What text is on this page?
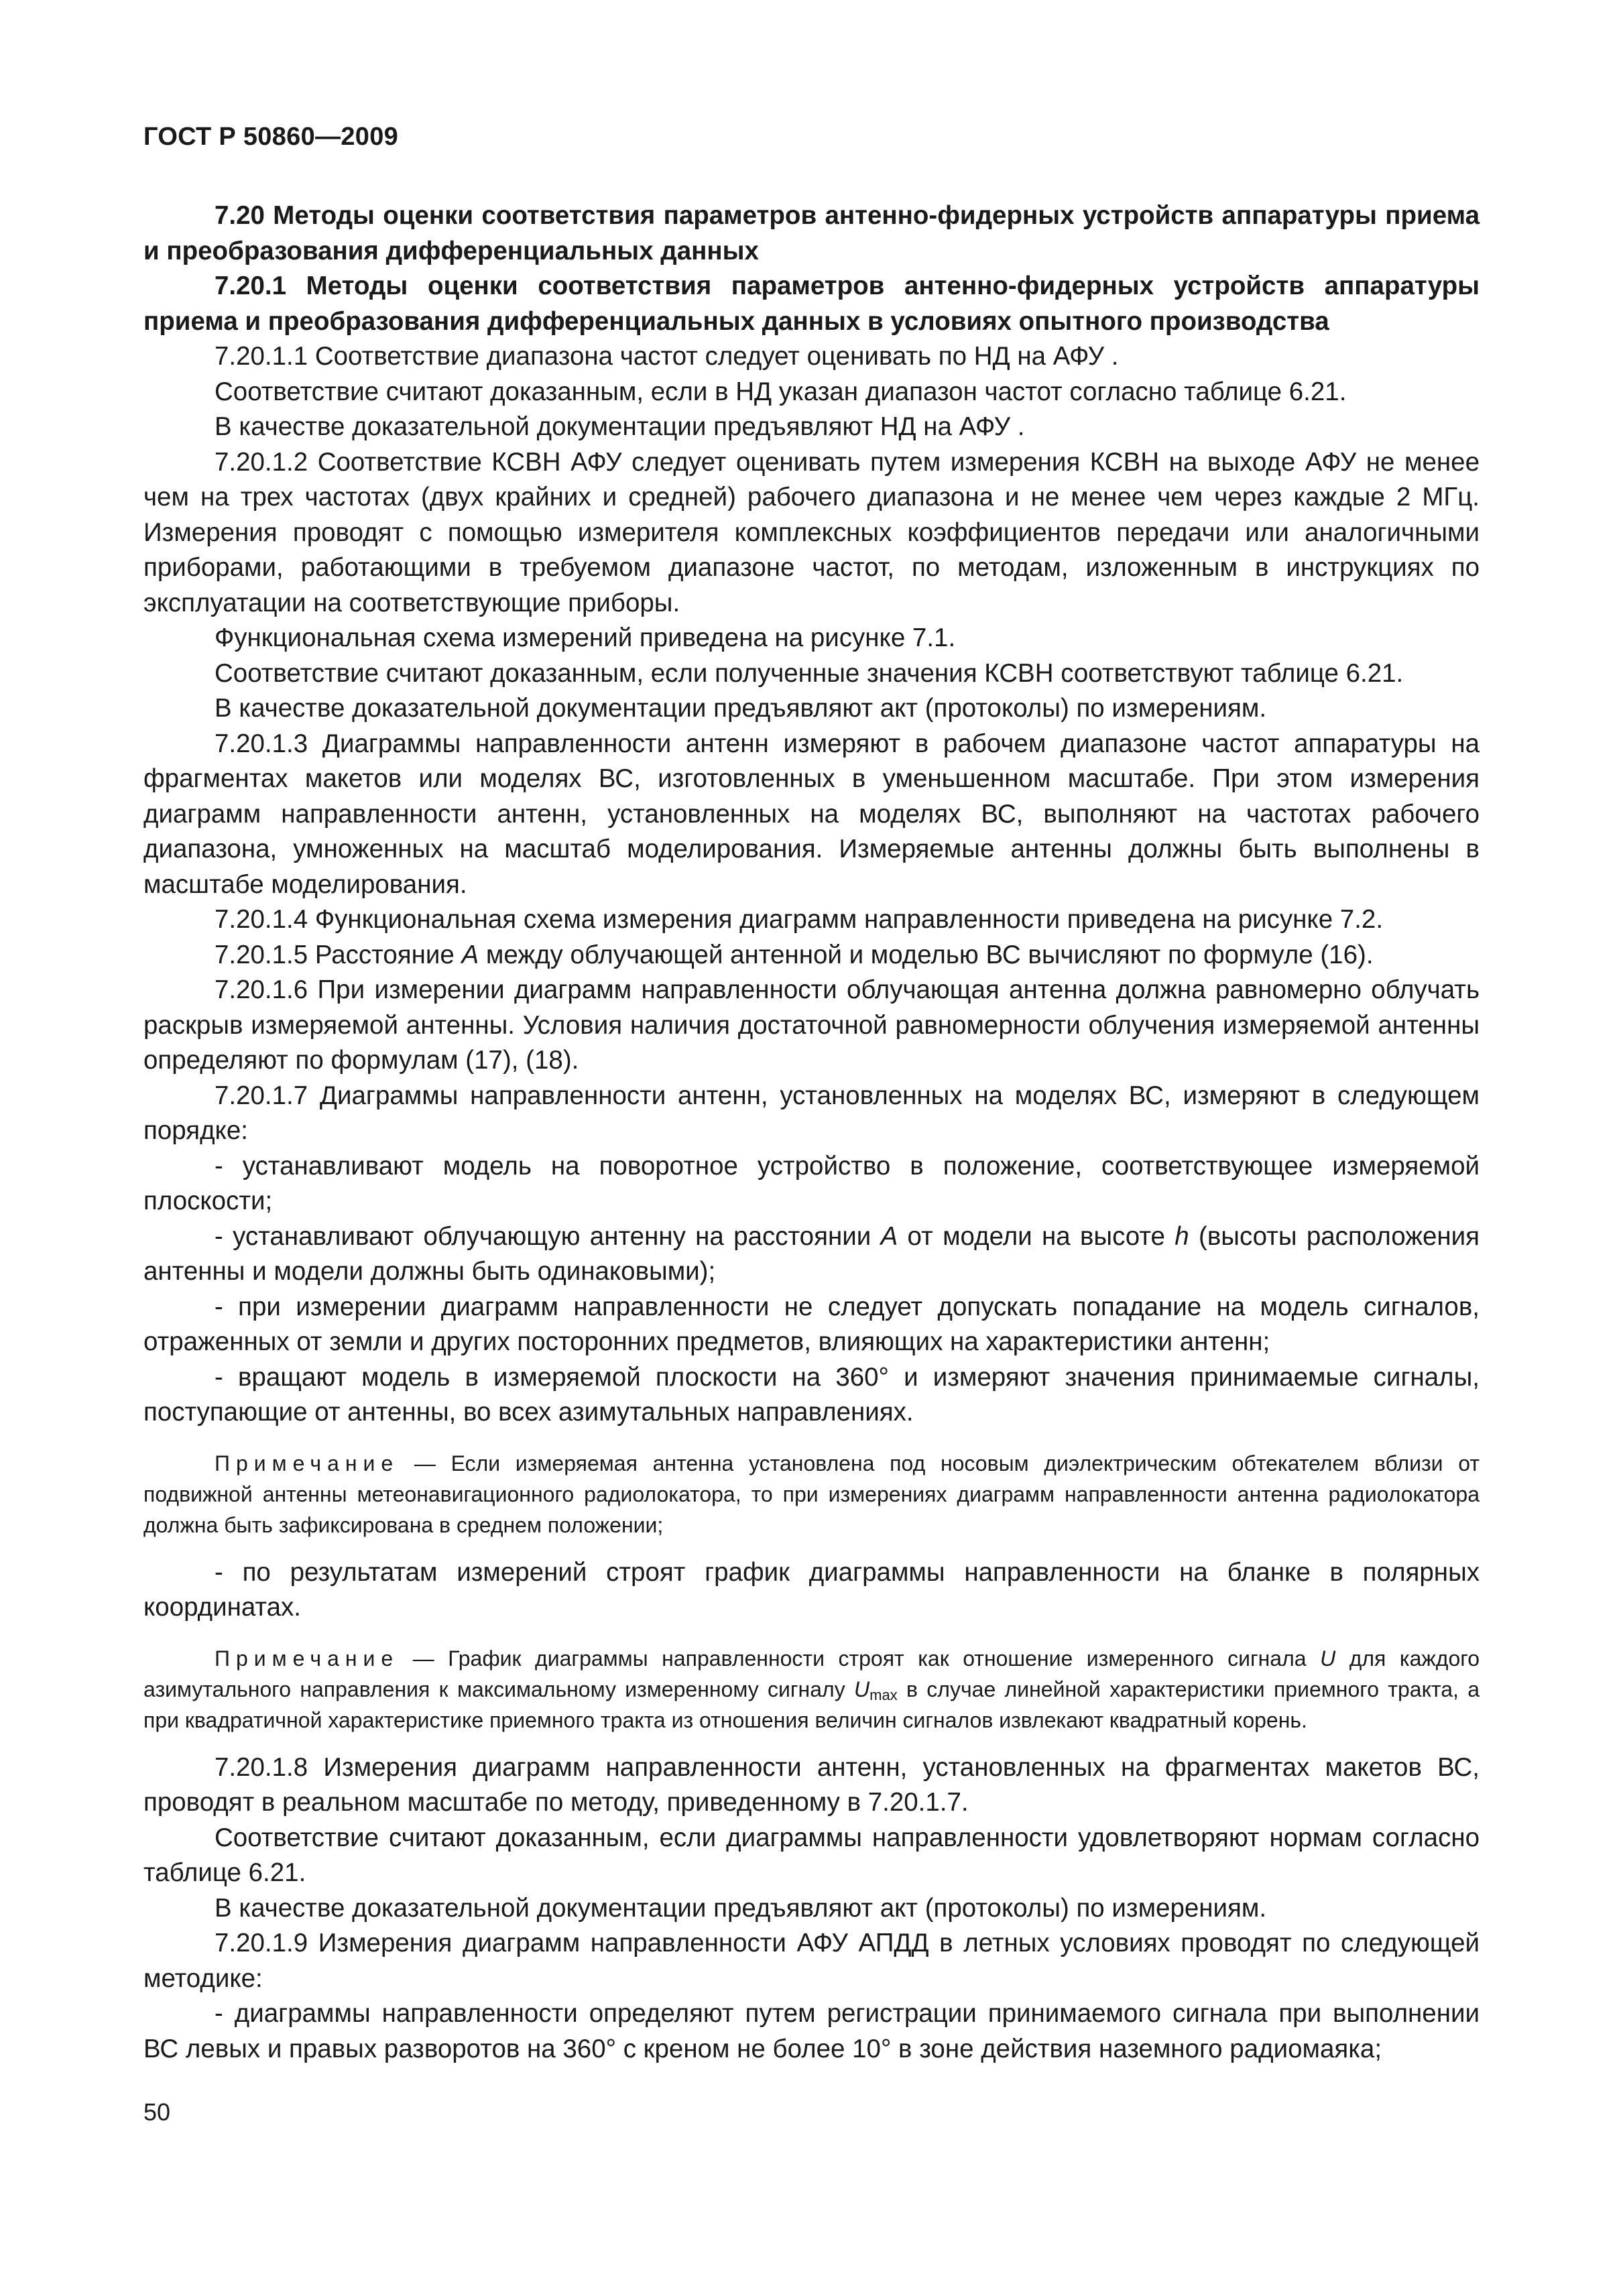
ГОСТ Р 50860—2009

7.20 Методы оценки соответствия параметров антенно-фидерных устройств аппаратуры приема и преобразования дифференциальных данных

7.20.1 Методы оценки соответствия параметров антенно-фидерных устройств аппаратуры приема и преобразования дифференциальных данных в условиях опытного производства

7.20.1.1 Соответствие диапазона частот следует оценивать по НД на АФУ .

Соответствие считают доказанным, если в НД указан диапазон частот согласно таблице 6.21.

В качестве доказательной документации предъявляют НД на АФУ .

7.20.1.2 Соответствие КСВН АФУ следует оценивать путем измерения КСВН на выходе АФУ не менее чем на трех частотах (двух крайних и средней) рабочего диапазона и не менее чем через каждые 2 МГц. Измерения проводят с помощью измерителя комплексных коэффициентов передачи или аналогичными приборами, работающими в требуемом диапазоне частот, по методам, изложенным в инструкциях по эксплуатации на соответствующие приборы.

Функциональная схема измерений приведена на рисунке 7.1.

Соответствие считают доказанным, если полученные значения КСВН соответствуют таблице 6.21.

В качестве доказательной документации предъявляют акт (протоколы) по измерениям.

7.20.1.3 Диаграммы направленности антенн измеряют в рабочем диапазоне частот аппаратуры на фрагментах макетов или моделях ВС, изготовленных в уменьшенном масштабе. При этом измерения диаграмм направленности антенн, установленных на моделях ВС, выполняют на частотах рабочего диапазона, умноженных на масштаб моделирования. Измеряемые антенны должны быть выполнены в масштабе моделирования.

7.20.1.4 Функциональная схема измерения диаграмм направленности приведена на рисунке 7.2.

7.20.1.5 Расстояние A между облучающей антенной и моделью ВС вычисляют по формуле (16).

7.20.1.6 При измерении диаграмм направленности облучающая антенна должна равномерно облучать раскрыв измеряемой антенны. Условия наличия достаточной равномерности облучения измеряемой антенны определяют по формулам (17), (18).

7.20.1.7 Диаграммы направленности антенн, установленных на моделях ВС, измеряют в следующем порядке:

- устанавливают модель на поворотное устройство в положение, соответствующее измеряемой плоскости;

- устанавливают облучающую антенну на расстоянии A от модели на высоте h (высоты расположения антенны и модели должны быть одинаковыми);

- при измерении диаграмм направленности не следует допускать попадание на модель сигналов, отраженных от земли и других посторонних предметов, влияющих на характеристики антенн;

- вращают модель в измеряемой плоскости на 360° и измеряют значения принимаемые сигналы, поступающие от антенны, во всех азимутальных направлениях.

Примечание — Если измеряемая антенна установлена под носовым диэлектрическим обтекателем вблизи от подвижной антенны метеонавигационного радиолокатора, то при измерениях диаграмм направленности антенна радиолокатора должна быть зафиксирована в среднем положении;

- по результатам измерений строят график диаграммы направленности на бланке в полярных координатах.

Примечание — График диаграммы направленности строят как отношение измеренного сигнала U для каждого азимутального направления к максимальному измеренному сигналу $U_{max}$ в случае линейной характеристики приемного тракта, а при квадратичной характеристике приемного тракта из отношения величин сигналов извлекают квадратный корень.

7.20.1.8 Измерения диаграмм направленности антенн, установленных на фрагментах макетов ВС, проводят в реальном масштабе по методу, приведенному в 7.20.1.7.

Соответствие считают доказанным, если диаграммы направленности удовлетворяют нормам согласно таблице 6.21.

В качестве доказательной документации предъявляют акт (протоколы) по измерениям.

7.20.1.9 Измерения диаграмм направленности АФУ АПДД в летных условиях проводят по следующей методике:

- диаграммы направленности определяют путем регистрации принимаемого сигнала при выполнении ВС левых и правых разворотов на 360° с креном не более 10° в зоне действия наземного радиомаяка;

50
